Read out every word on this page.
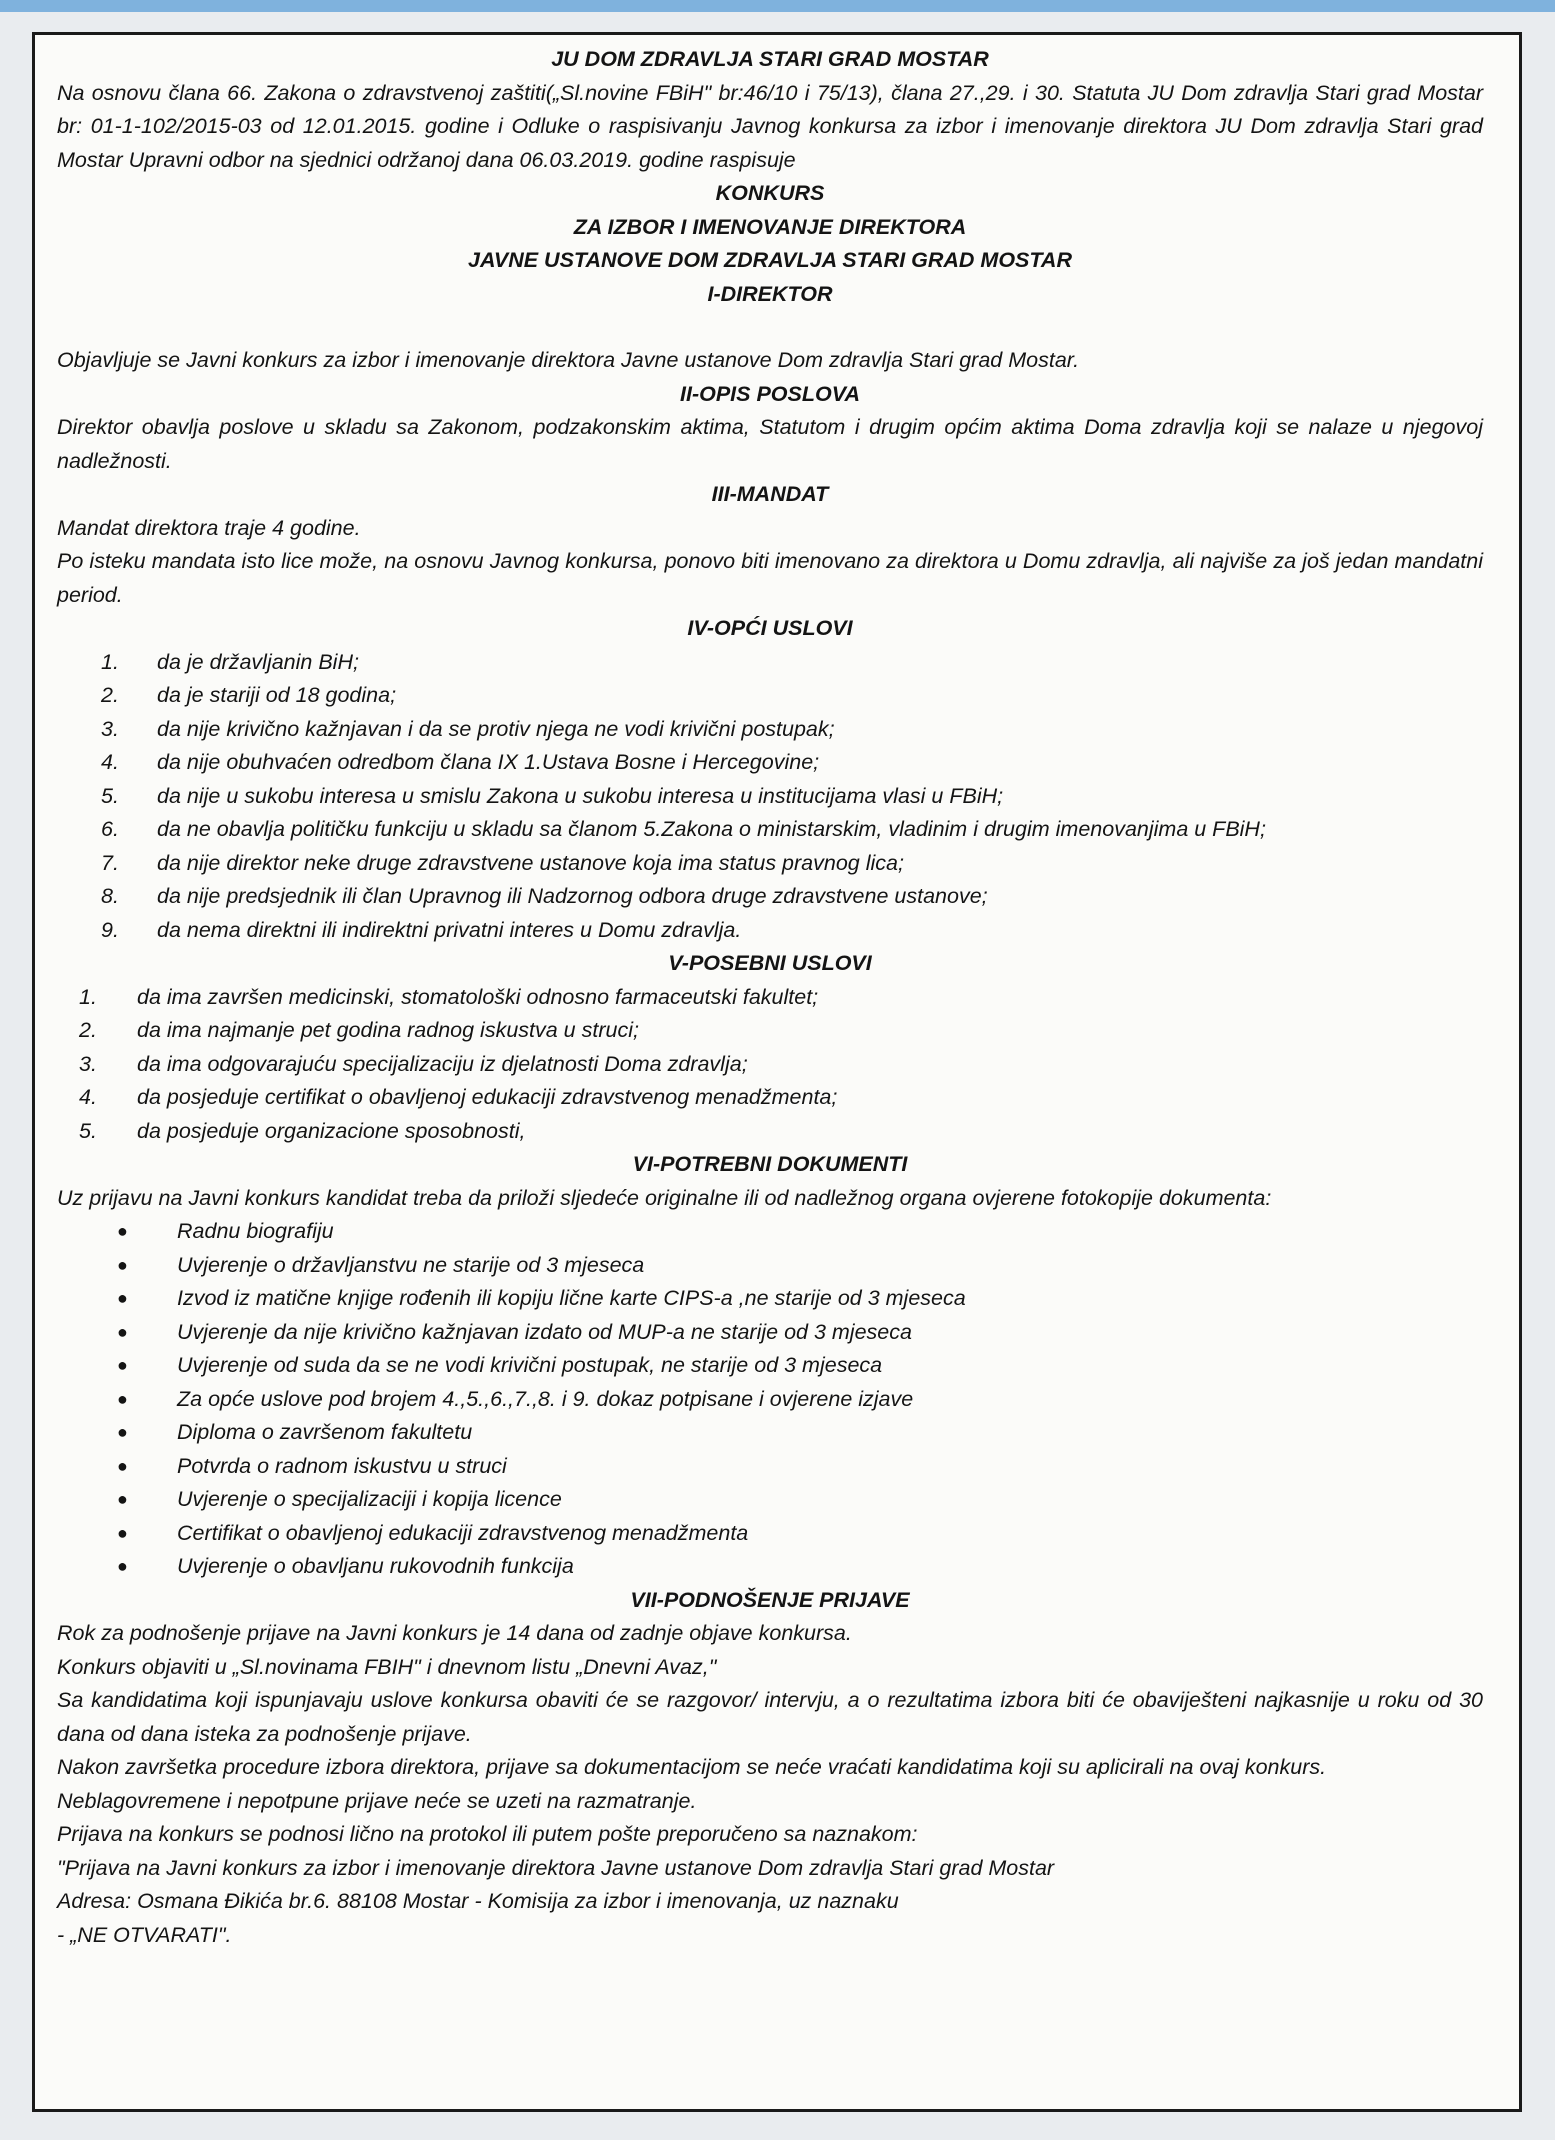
JU DOM ZDRAVLJA STARI GRAD MOSTAR

Na osnovu člana 66. Zakona o zdravstvenoj zaštiti(„Sl.novine FBiH" br:46/10 i 75/13), člana 27.,29. i 30. Statuta JU Dom zdravlja Stari grad Mostar br: 01-1-102/2015-03 od 12.01.2015. godine i Odluke o raspisivanju Javnog konkursa za izbor i imenovanje direktora JU Dom zdravlja Stari grad Mostar Upravni odbor na sjednici održanoj dana 06.03.2019. godine raspisuje

KONKURS

ZA IZBOR I IMENOVANJE DIREKTORA

JAVNE USTANOVE DOM ZDRAVLJA STARI GRAD MOSTAR

I-DIREKTOR

Objavljuje se Javni konkurs za izbor i imenovanje direktora Javne ustanove Dom zdravlja Stari grad Mostar.

II-OPIS POSLOVA

Direktor obavlja poslove u skladu sa Zakonom, podzakonskim aktima, Statutom i drugim općim aktima Doma zdravlja koji se nalaze u njegovoj nadležnosti.

III-MANDAT

Mandat direktora traje 4 godine.

Po isteku mandata isto lice može, na osnovu Javnog konkursa, ponovo biti imenovano za direktora u Domu zdravlja, ali najviše za još jedan mandatni period.

IV-OPĆI USLOVI

1.	da je državljanin BiH;
2.	da je stariji od 18 godina;
3.	da nije krivično kažnjavan i da se protiv njega ne vodi krivični postupak;
4.	da nije obuhvaćen odredbom člana IX 1.Ustava Bosne i Hercegovine;
5.	da nije u sukobu interesa u smislu Zakona u sukobu interesa u institucijama vlasi u FBiH;
6.	da ne obavlja političku funkciju u skladu sa članom 5.Zakona o ministarskim, vladinim i drugim imenovanjima u FBiH;
7.	da nije direktor neke druge zdravstvene ustanove koja ima status pravnog lica;
8.	da nije predsjednik ili član Upravnog ili Nadzornog odbora druge zdravstvene ustanove;
9.	da nema direktni ili indirektni privatni interes u Domu zdravlja.

V-POSEBNI USLOVI

1.	da ima završen medicinski, stomatološki odnosno farmaceutski fakultet;
2.	da ima najmanje pet godina radnog iskustva u struci;
3.	da ima odgovarajuću specijalizaciju iz djelatnosti Doma zdravlja;
4.	da posjeduje certifikat o obavljenoj edukaciji zdravstvenog menadžmenta;
5.	da posjeduje organizacione sposobnosti,

VI-POTREBNI DOKUMENTI

Uz prijavu na Javni konkurs kandidat treba da priloži sljedeće originalne ili od nadležnog organa ovjerene fotokopije dokumenta:

● Radnu biografiju
● Uvjerenje o državljanstvu ne starije od 3 mjeseca
● Izvod iz matične knjige rođenih ili kopiju lične karte CIPS-a ,ne starije od 3 mjeseca
● Uvjerenje da nije krivično kažnjavan izdato od MUP-a ne starije od 3 mjeseca
● Uvjerenje od suda da se ne vodi krivični postupak, ne starije od 3 mjeseca
● Za opće uslove pod brojem 4.,5.,6.,7.,8. i 9. dokaz potpisane i ovjerene izjave
● Diploma o završenom fakultetu
● Potvrda o radnom iskustvu u struci
● Uvjerenje o specijalizaciji i kopija licence
● Certifikat o obavljenoj edukaciji zdravstvenog menadžmenta
● Uvjerenje o obavljanu rukovodnih funkcija

VII-PODNOŠENJE PRIJAVE

Rok za podnošenje prijave na Javni konkurs je 14 dana od zadnje objave konkursa.

Konkurs objaviti u „Sl.novinama FBIH" i dnevnom listu „Dnevni Avaz,"

Sa kandidatima koji ispunjavaju uslove konkursa obaviti će se razgovor/ intervju, a o rezultatima izbora biti će obaviješteni najkasnije u roku od 30 dana od dana isteka za podnošenje prijave.

Nakon završetka procedure izbora direktora, prijave sa dokumentacijom se neće vraćati kandidatima koji su aplicirali na ovaj konkurs.

Neblagovremene i nepotpune prijave neće se uzeti na razmatranje.

Prijava na konkurs se podnosi lično na protokol ili putem pošte preporučeno sa naznakom:

"Prijava na Javni konkurs za izbor i imenovanje direktora Javne ustanove Dom zdravlja Stari grad Mostar

Adresa: Osmana Đikića br.6. 88108 Mostar - Komisija za izbor i imenovanja, uz naznaku

- „NE OTVARATI".
